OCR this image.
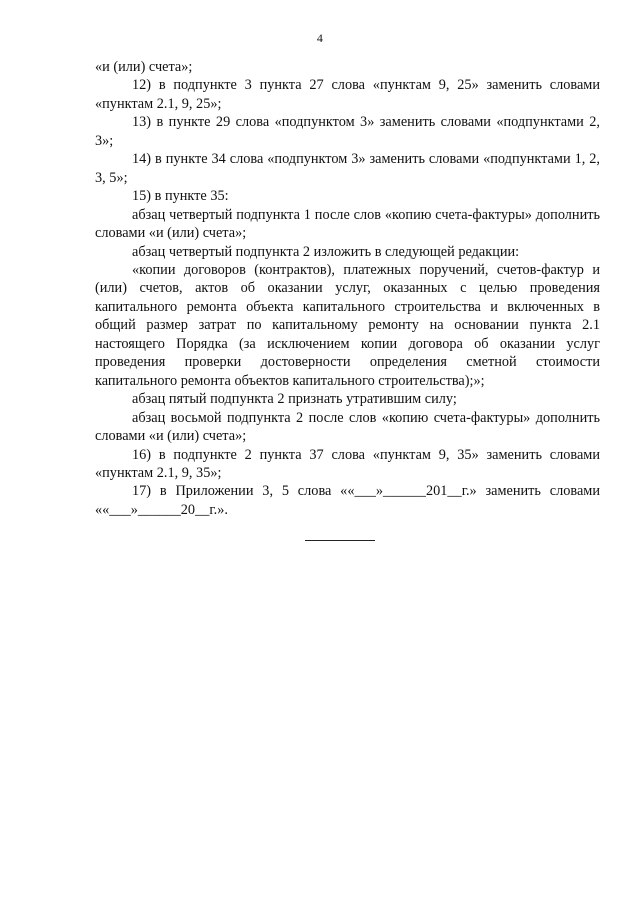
4

«и (или) счета»;

12) в подпункте 3 пункта 27 слова «пунктам 9, 25» заменить словами «пунктам 2.1, 9, 25»;

13) в пункте 29 слова «подпунктом 3» заменить словами «подпунктами 2, 3»;

14) в пункте 34 слова «подпунктом 3» заменить словами «подпунктами 1, 2, 3, 5»;

15) в пункте 35:

абзац четвертый подпункта 1 после слов «копию счета-фактуры» дополнить словами «и (или) счета»;

абзац четвертый подпункта 2 изложить в следующей редакции:

«копии договоров (контрактов), платежных поручений, счетов-фактур и (или) счетов, актов об оказании услуг, оказанных с целью проведения капитального ремонта объекта капитального строительства и включенных в общий размер затрат по капитальному ремонту на основании пункта 2.1 настоящего Порядка (за исключением копии договора об оказании услуг проведения проверки достоверности определения сметной стоимости капитального ремонта объектов капитального строительства);»;

абзац пятый подпункта 2 признать утратившим силу;

абзац восьмой подпункта 2 после слов «копию счета-фактуры» дополнить словами «и (или) счета»;

16) в подпункте 2 пункта 37 слова «пунктам 9, 35» заменить словами «пунктам 2.1, 9, 35»;

17) в Приложении 3, 5 слова ««___»______201__г.» заменить словами ««___»______20__г.».
